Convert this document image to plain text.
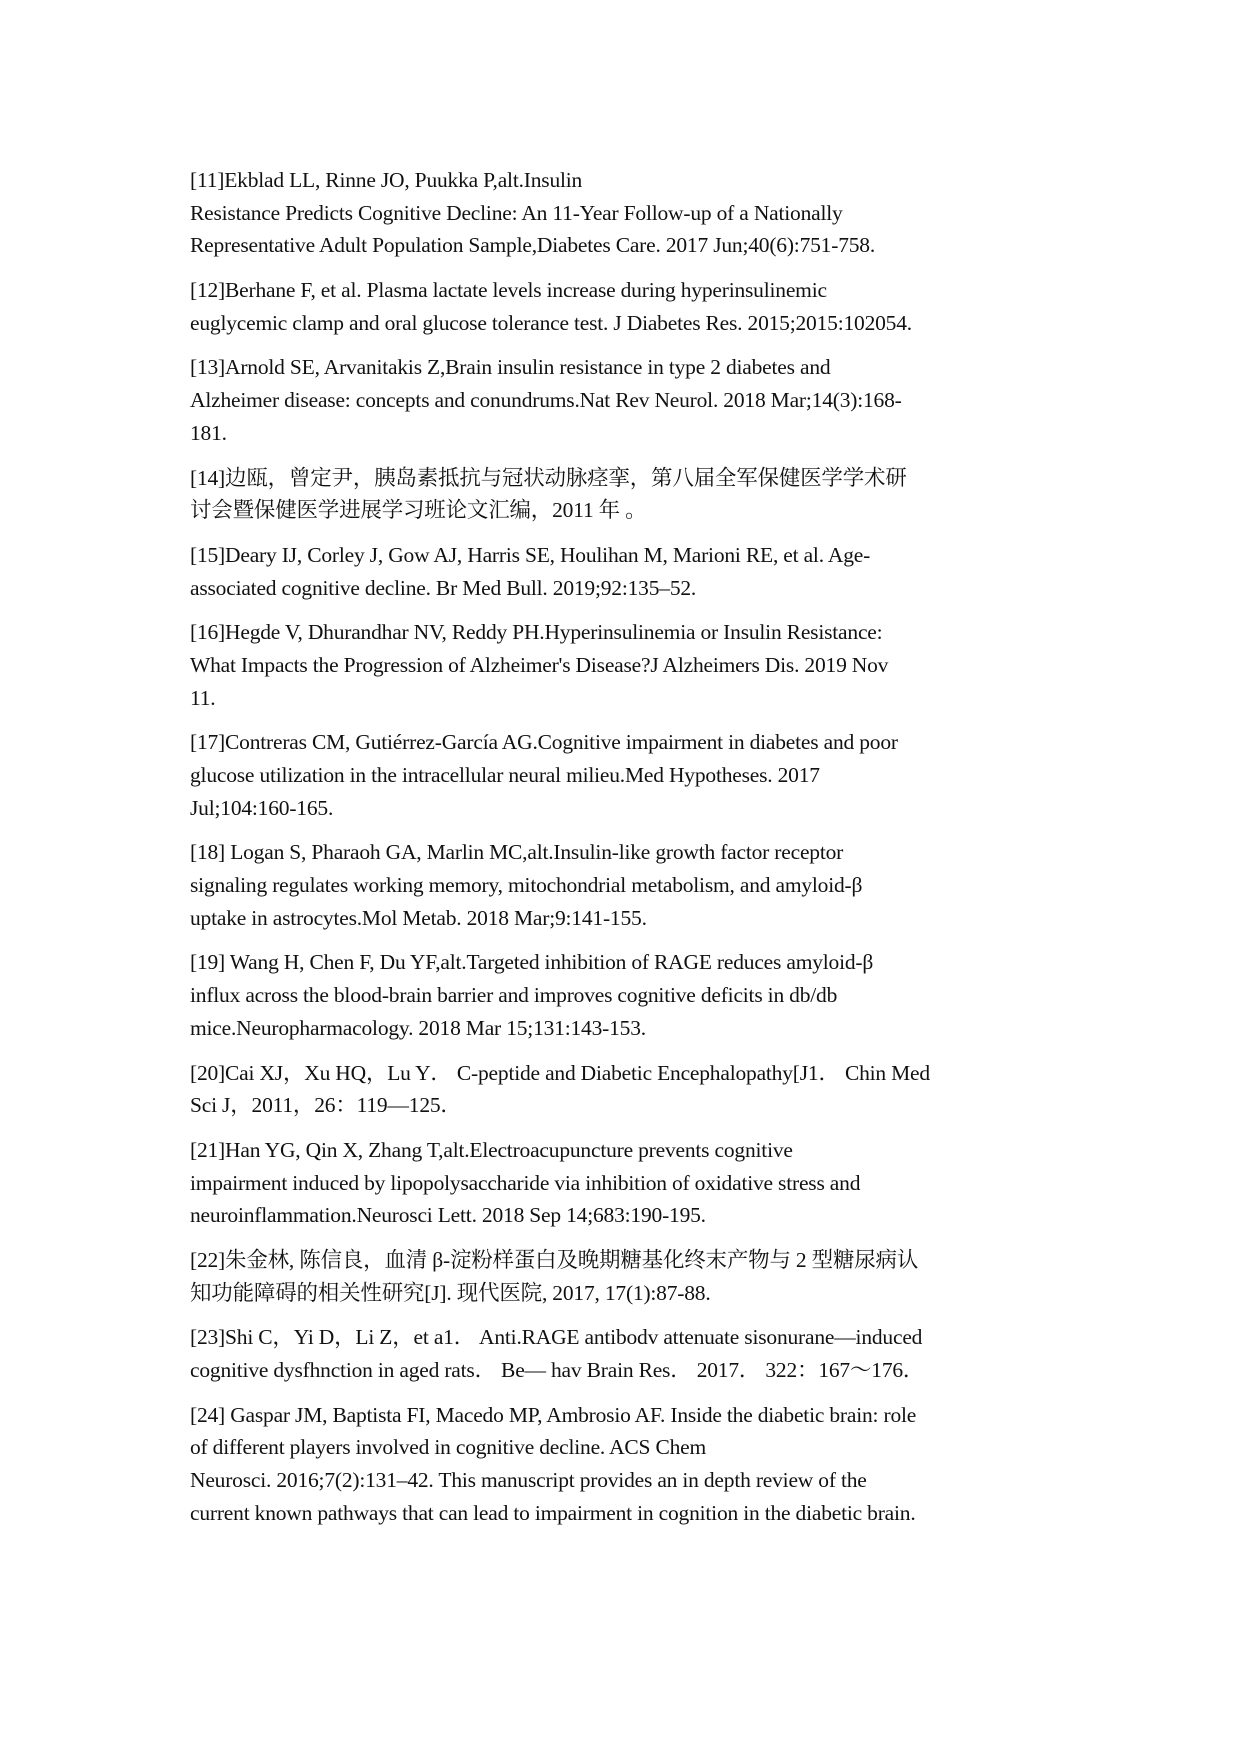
[11]Ekblad LL, Rinne JO, Puukka P,alt.Insulin
Resistance Predicts Cognitive Decline: An 11-Year Follow-up of a Nationally
Representative Adult Population Sample,Diabetes Care. 2017 Jun;40(6):751-758.
[12]Berhane F, et al. Plasma lactate levels increase during hyperinsulinemic
euglycemic clamp and oral glucose tolerance test. J Diabetes Res. 2015;2015:102054.
[13]Arnold SE, Arvanitakis Z,Brain insulin resistance in type 2 diabetes and
Alzheimer disease: concepts and conundrums.Nat Rev Neurol. 2018 Mar;14(3):168-
181.
[14]边瓯，曾定尹，胰岛素抵抗与冠状动脉痉挛，第八届全军保健医学学术研
讨会暨保健医学进展学习班论文汇编，2011 年 。
[15]Deary IJ, Corley J, Gow AJ, Harris SE, Houlihan M, Marioni RE, et al. Age-
associated cognitive decline. Br Med Bull. 2019;92:135–52.
[16]Hegde V, Dhurandhar NV, Reddy PH.Hyperinsulinemia or Insulin Resistance:
What Impacts the Progression of Alzheimer's Disease?J Alzheimers Dis. 2019 Nov
11.
[17]Contreras CM, Gutiérrez-García AG.Cognitive impairment in diabetes and poor
glucose utilization in the intracellular neural milieu.Med Hypotheses. 2017
Jul;104:160-165.
[18] Logan S, Pharaoh GA, Marlin MC,alt.Insulin-like growth factor receptor
signaling regulates working memory, mitochondrial metabolism, and amyloid-β
uptake in astrocytes.Mol Metab. 2018 Mar;9:141-155.
[19] Wang H, Chen F, Du YF,alt.Targeted inhibition of RAGE reduces amyloid-β
influx across the blood-brain barrier and improves cognitive deficits in db/db
mice.Neuropharmacology. 2018 Mar 15;131:143-153.
[20]Cai XJ，Xu HQ，Lu Y． C-peptide and Diabetic Encephalopathy[J1． Chin Med
Sci J，2011，26：119—125．
[21]Han YG, Qin X, Zhang T,alt.Electroacupuncture prevents cognitive
impairment induced by lipopolysaccharide via inhibition of oxidative stress and
neuroinflammation.Neurosci Lett. 2018 Sep 14;683:190-195.
[22]朱金林, 陈信良，血清 β-淀粉样蛋白及晚期糖基化终末产物与 2 型糖尿病认
知功能障碍的相关性研究[J]. 现代医院, 2017, 17(1):87-88.
[23]Shi C，Yi D，Li Z，et a1． Anti.RAGE antibodv attenuate sisonurane—induced
cognitive dysfhnction in aged rats． Be— hav Brain Res． 2017． 322：167～176．
[24] Gaspar JM, Baptista FI, Macedo MP, Ambrosio AF. Inside the diabetic brain: role
of different players involved in cognitive decline. ACS Chem
Neurosci. 2016;7(2):131–42. This manuscript provides an in depth review of the
current known pathways that can lead to impairment in cognition in the diabetic brain.
